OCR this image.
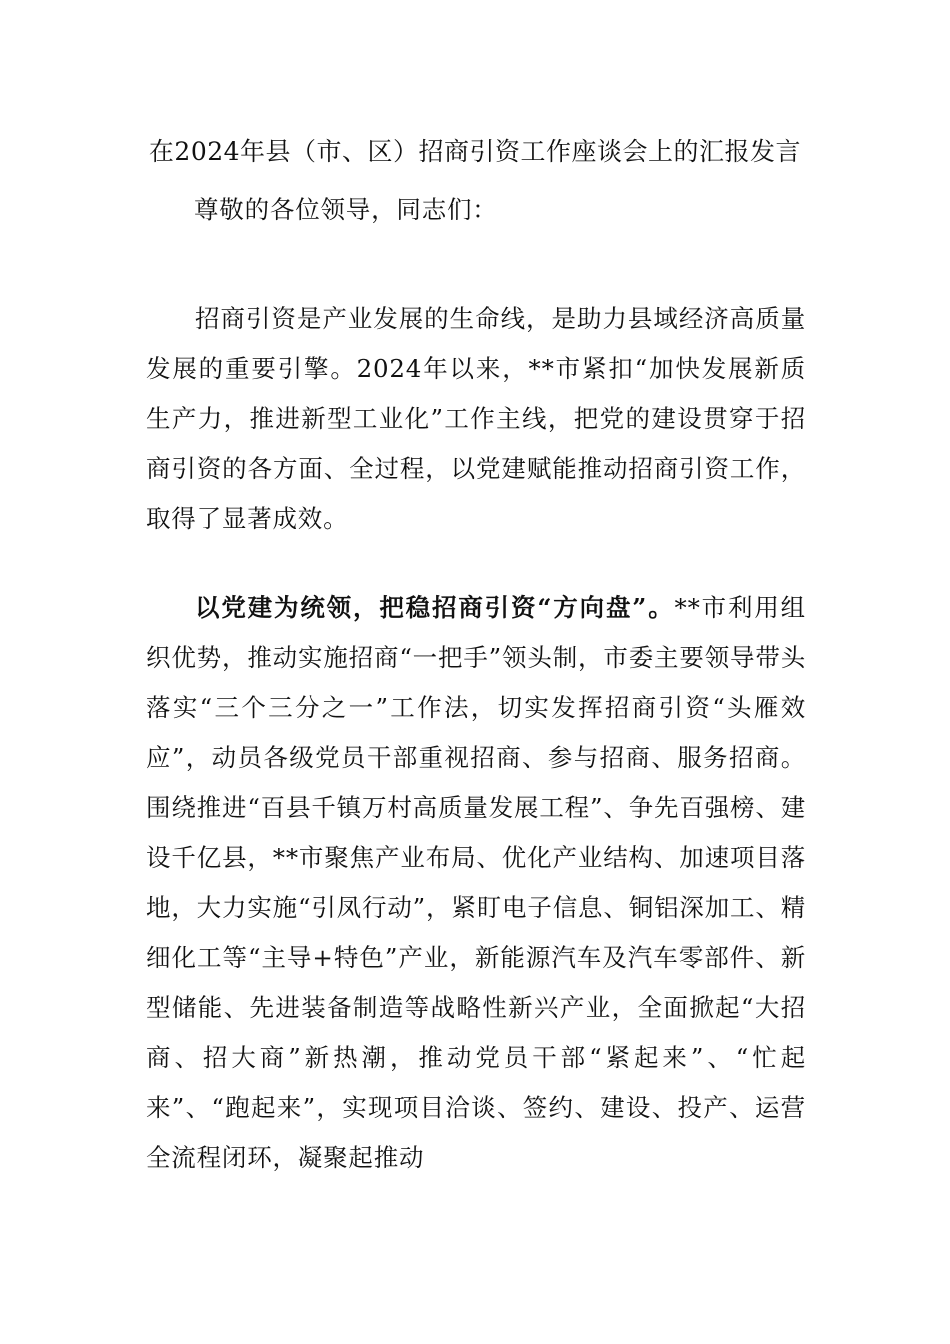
在2024年县（市、区）招商引资工作座谈会上的汇报发言

尊敬的各位领导，同志们：

招商引资是产业发展的生命线，是助力县域经济高质量发展的重要引擎。2024年以来，**市紧扣“加快发展新质生产力，推进新型工业化”工作主线，把党的建设贯穿于招商引资的各方面、全过程，以党建赋能推动招商引资工作，取得了显著成效。

以党建为统领，把稳招商引资“方向盘”。**市利用组织优势，推动实施招商“一把手”领头制，市委主要领导带头落实“三个三分之一”工作法，切实发挥招商引资“头雁效应”，动员各级党员干部重视招商、参与招商、服务招商。围绕推进“百县千镇万村高质量发展工程”、争先百强榜、建设千亿县，**市聚焦产业布局、优化产业结构、加速项目落地，大力实施“引凤行动”，紧盯电子信息、铜铝深加工、精细化工等“主导+特色”产业，新能源汽车及汽车零部件、新型储能、先进装备制造等战略性新兴产业，全面掀起“大招商、招大商”新热潮，推动党员干部“紧起来”、“忙起来”、“跑起来”，实现项目洽谈、签约、建设、投产、运营全流程闭环，凝聚起推动
